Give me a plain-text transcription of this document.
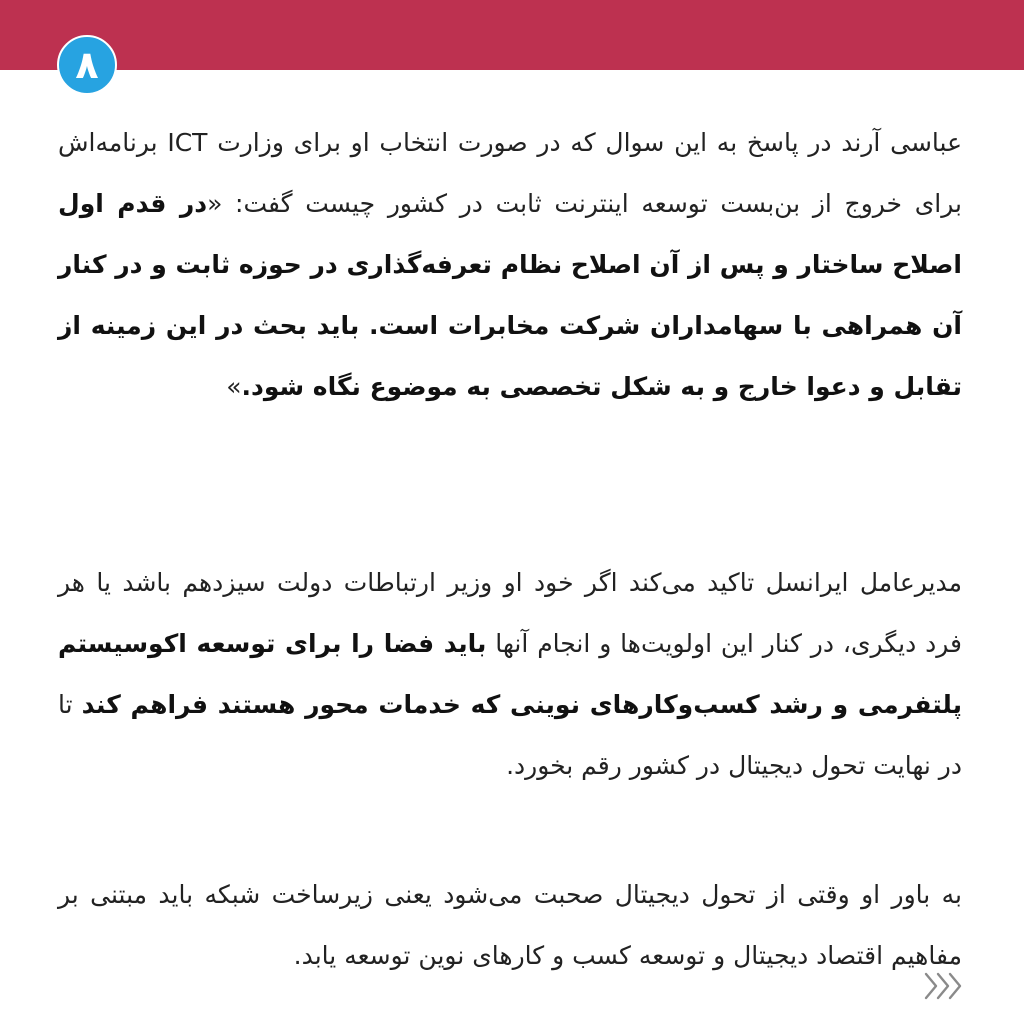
۸

عباسی آرند در پاسخ به این سوال که در صورت انتخاب او برای وزارت ICT برنامه‌اش برای خروج از بن‌بست توسعه اینترنت ثابت در کشور چیست گفت: «در قدم اول اصلاح ساختار و پس از آن اصلاح نظام تعرفه‌گذاری در حوزه ثابت و در کنار آن همراهی با سهامداران شرکت مخابرات است. باید بحث در این زمینه از تقابل و دعوا خارج و به شکل تخصصی به موضوع نگاه شود.»

مدیرعامل ایرانسل تاکید می‌کند اگر خود او وزیر ارتباطات دولت سیزدهم باشد یا هر فرد دیگری، در کنار این اولویت‌ها و انجام آنها باید فضا را برای توسعه اکوسیستم پلتفرمی و رشد کسب‌وکارهای نوینی که خدمات محور هستند فراهم کند تا در نهایت تحول دیجیتال در کشور رقم بخورد.

به باور او وقتی از تحول دیجیتال صحبت می‌شود یعنی زیرساخت شبکه باید مبتنی بر مفاهیم اقتصاد دیجیتال و توسعه کسب و کارهای نوین توسعه یابد.
